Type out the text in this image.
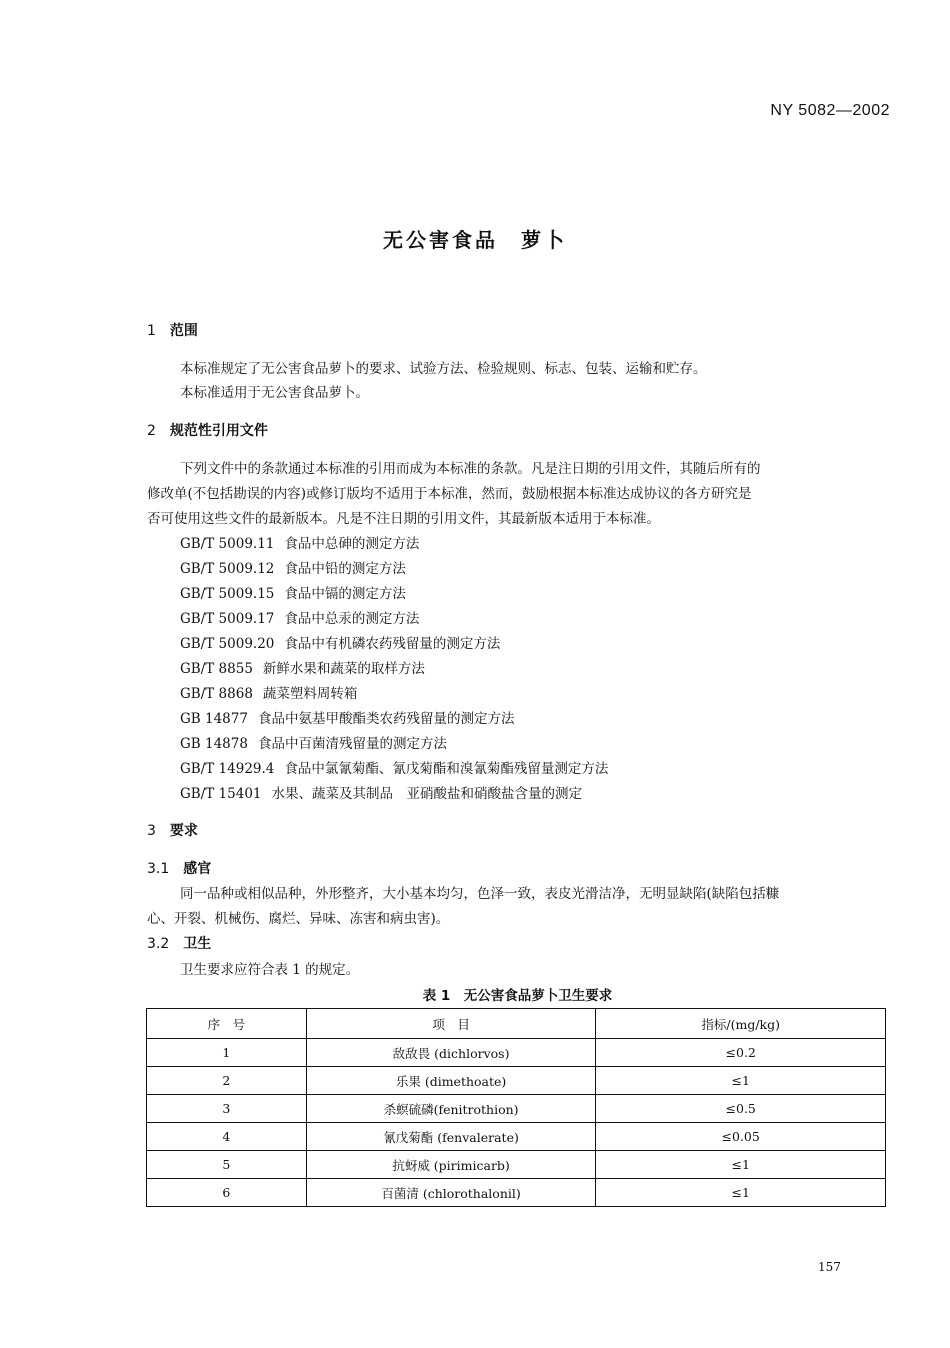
NY 5082—2002
无公害食品　萝卜
1 范围
本标准规定了无公害食品萝卜的要求、试验方法、检验规则、标志、包装、运输和贮存。
本标准适用于无公害食品萝卜。
2 规范性引用文件
下列文件中的条款通过本标准的引用而成为本标准的条款。凡是注日期的引用文件，其随后所有的
修改单(不包括勘误的内容)或修订版均不适用于本标准，然而，鼓励根据本标准达成协议的各方研究是
否可使用这些文件的最新版本。凡是不注日期的引用文件，其最新版本适用于本标准。
GB/T 5009.11 食品中总砷的测定方法
GB/T 5009.12 食品中铅的测定方法
GB/T 5009.15 食品中镉的测定方法
GB/T 5009.17 食品中总汞的测定方法
GB/T 5009.20 食品中有机磷农药残留量的测定方法
GB/T 8855 新鲜水果和蔬菜的取样方法
GB/T 8868 蔬菜塑料周转箱
GB 14877 食品中氨基甲酸酯类农药残留量的测定方法
GB 14878 食品中百菌清残留量的测定方法
GB/T 14929.4 食品中氯氰菊酯、氰戊菊酯和溴氰菊酯残留量测定方法
GB/T 15401 水果、蔬菜及其制品　亚硝酸盐和硝酸盐含量的测定
3 要求
3.1 感官
同一品种或相似品种，外形整齐，大小基本均匀，色泽一致，表皮光滑洁净，无明显缺陷(缺陷包括糠
心、开裂、机械伤、腐烂、异味、冻害和病虫害)。
3.2 卫生
卫生要求应符合表 1 的规定。
表 1　无公害食品萝卜卫生要求
序　号	项　目	指标/(mg/kg)
1	敌敌畏 (dichlorvos)	≤0.2
2	乐果 (dimethoate)	≤1
3	杀螟硫磷(fenitrothion)	≤0.5
4	氰戊菊酯 (fenvalerate)	≤0.05
5	抗蚜威 (pirimicarb)	≤1
6	百菌清 (chlorothalonil)	≤1
157
